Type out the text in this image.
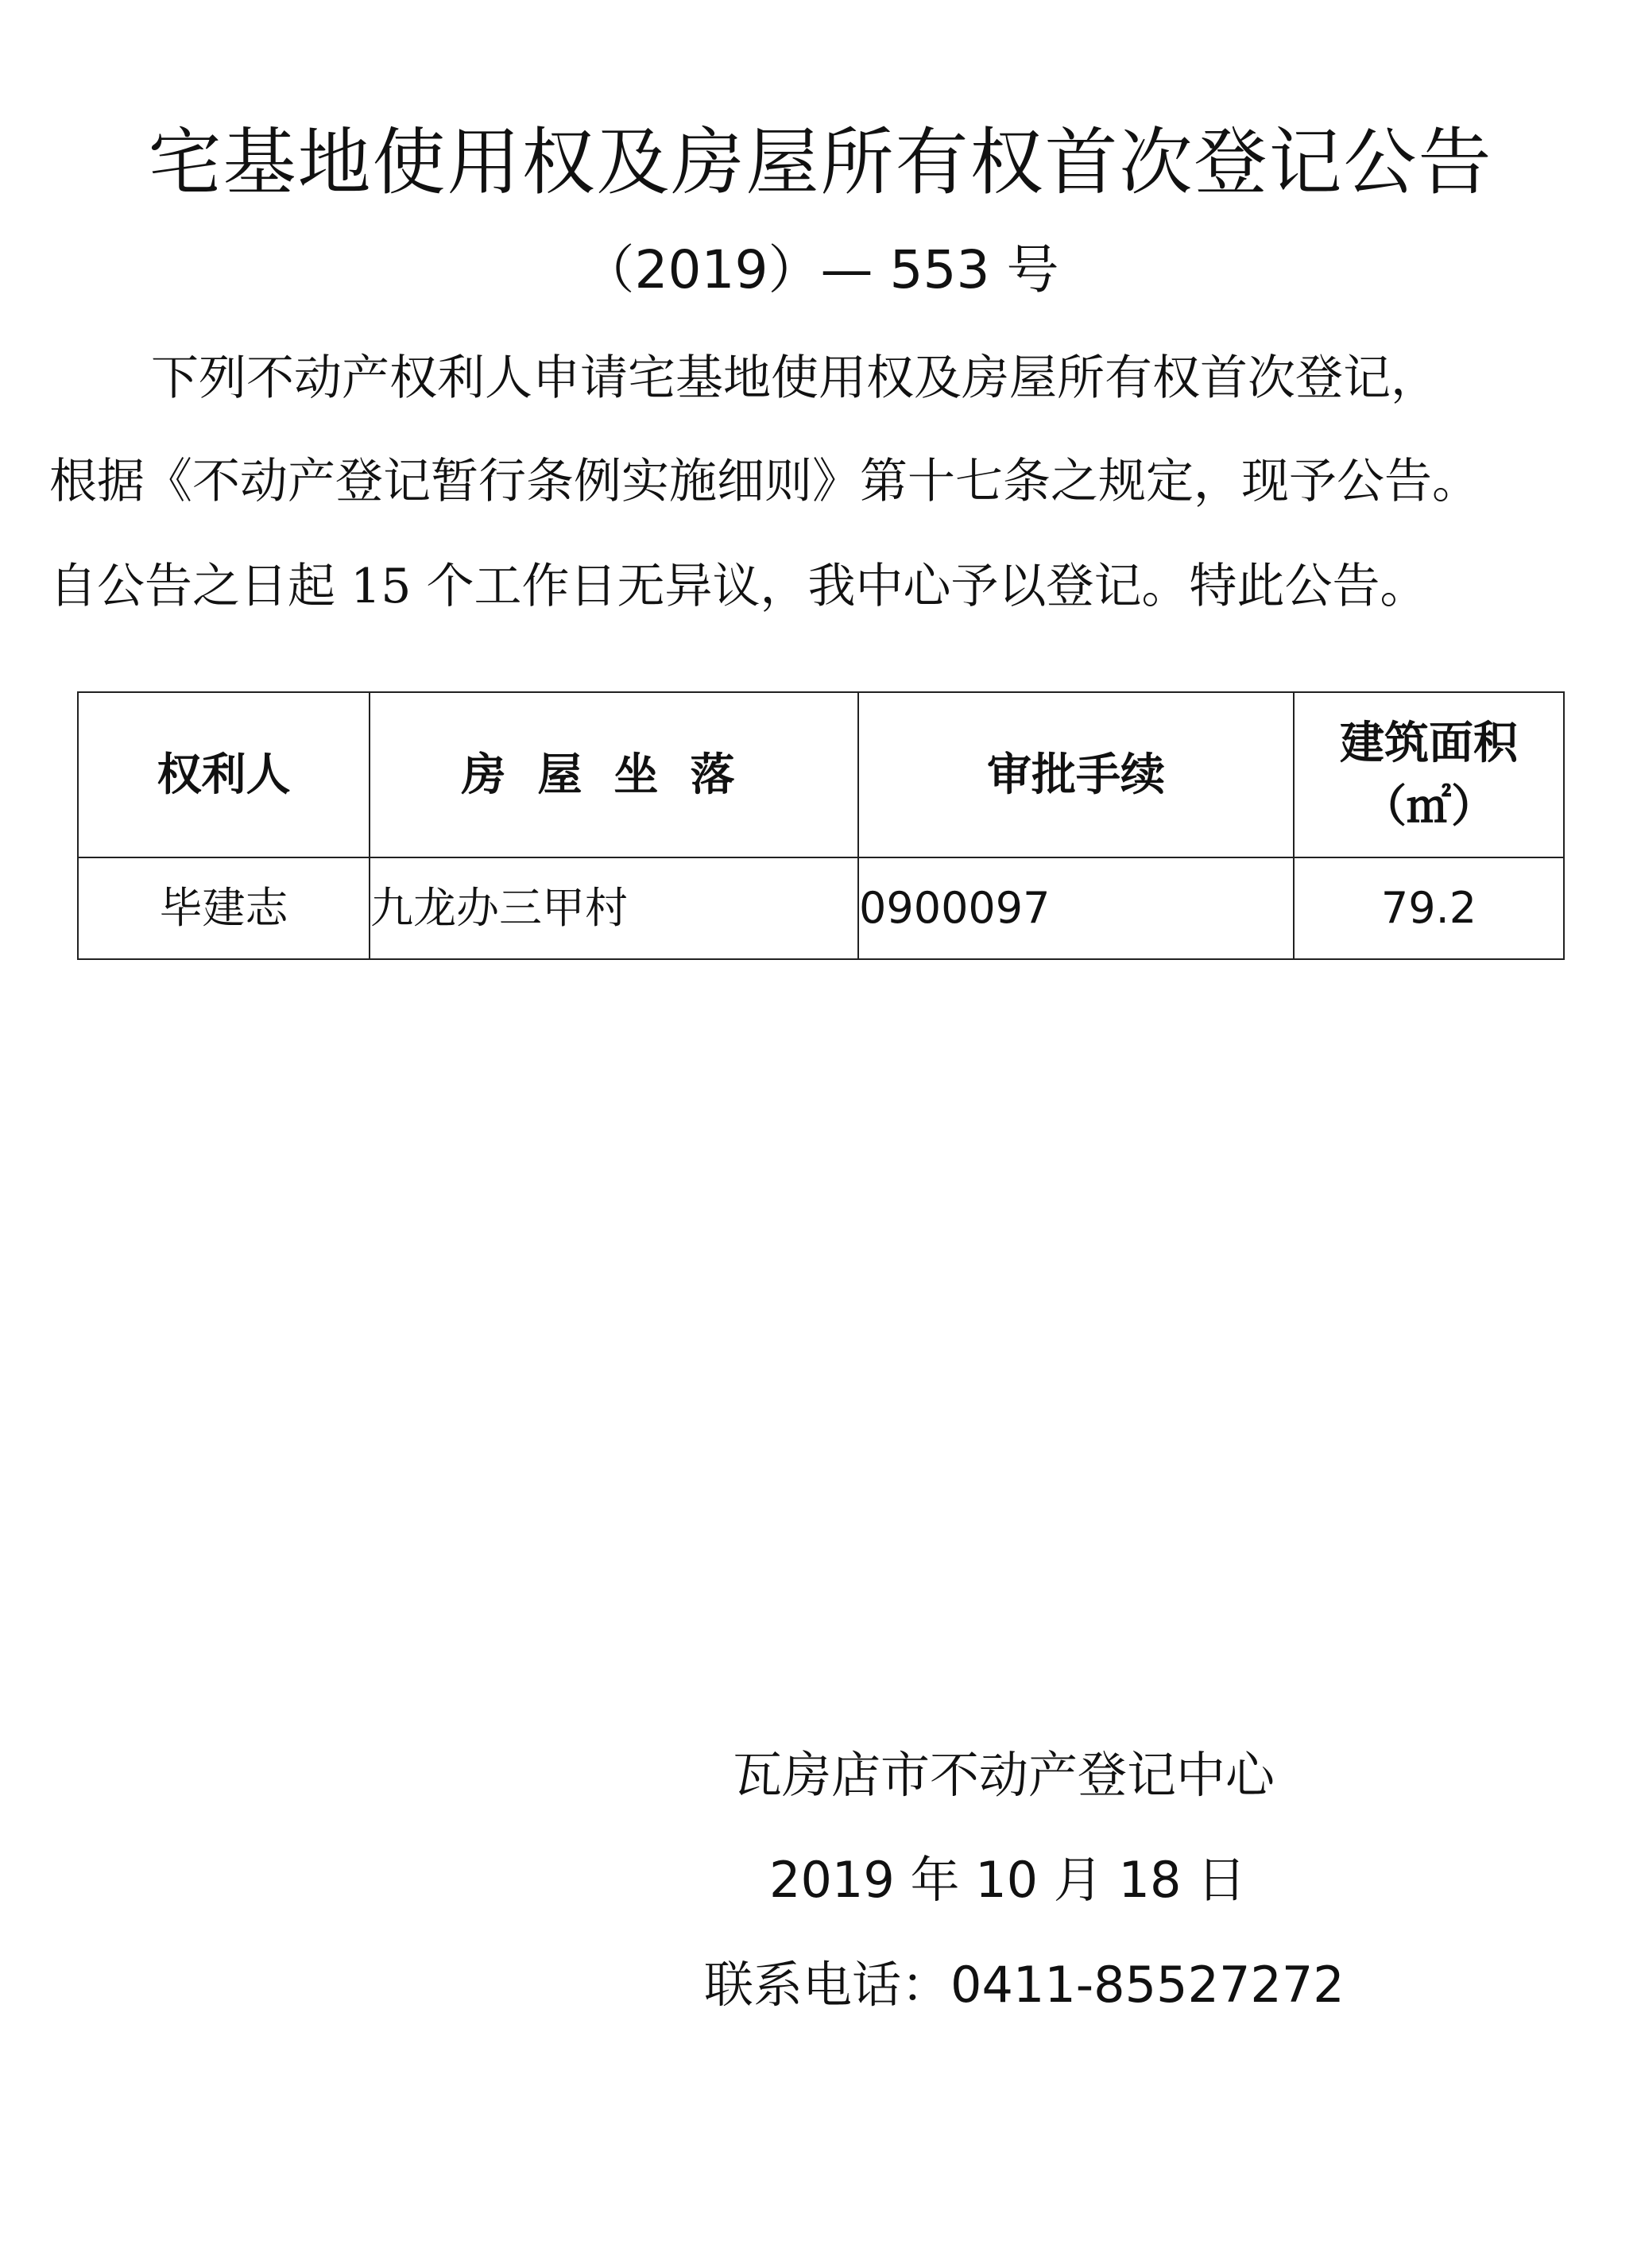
宅基地使用权及房屋所有权首次登记公告
（2019）— 553 号
下列不动产权利人申请宅基地使用权及房屋所有权首次登记，
根据《不动产登记暂行条例实施细则》第十七条之规定，现予公告。
自公告之日起 15 个工作日无异议，我中心予以登记。特此公告。
权利人	房屋坐落	审批手续	建筑面积
（㎡）

毕建志	九龙办三甲村	0900097	79.2
瓦房店市不动产登记中心
2019 年 10 月 18 日
联系电话：0411-85527272
